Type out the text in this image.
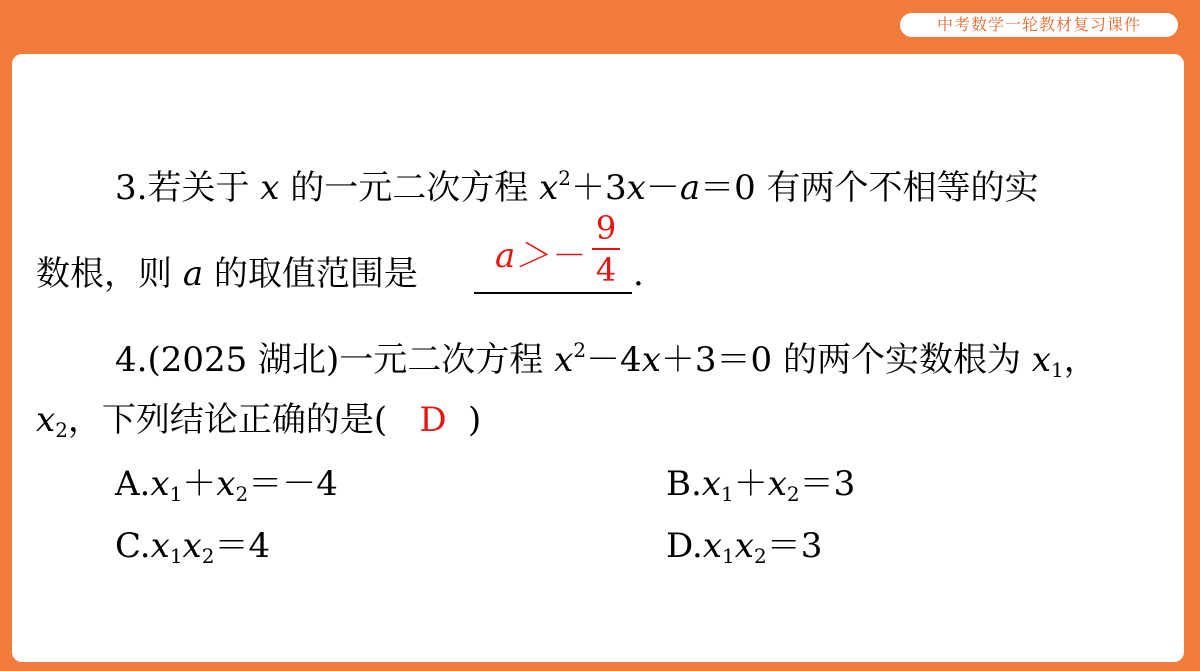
中考数学一轮教材复习课件
3.若关于 x 的一元二次方程 $x^2+3x-a=0$ 有两个不相等的实
数根，则 a 的取值范围是 a＞－
9
4 .
4.(2025 湖北)一元二次方程 $x^2-4x+3=0$ 的两个实数根为 $x_1$，
$x_2$，下列结论正确的是( D )
$A.x_1+x_2=-4$	$B.x_1+x_2=3$
$C.x_1x_2=4$	$D.x_1x_2=3$
